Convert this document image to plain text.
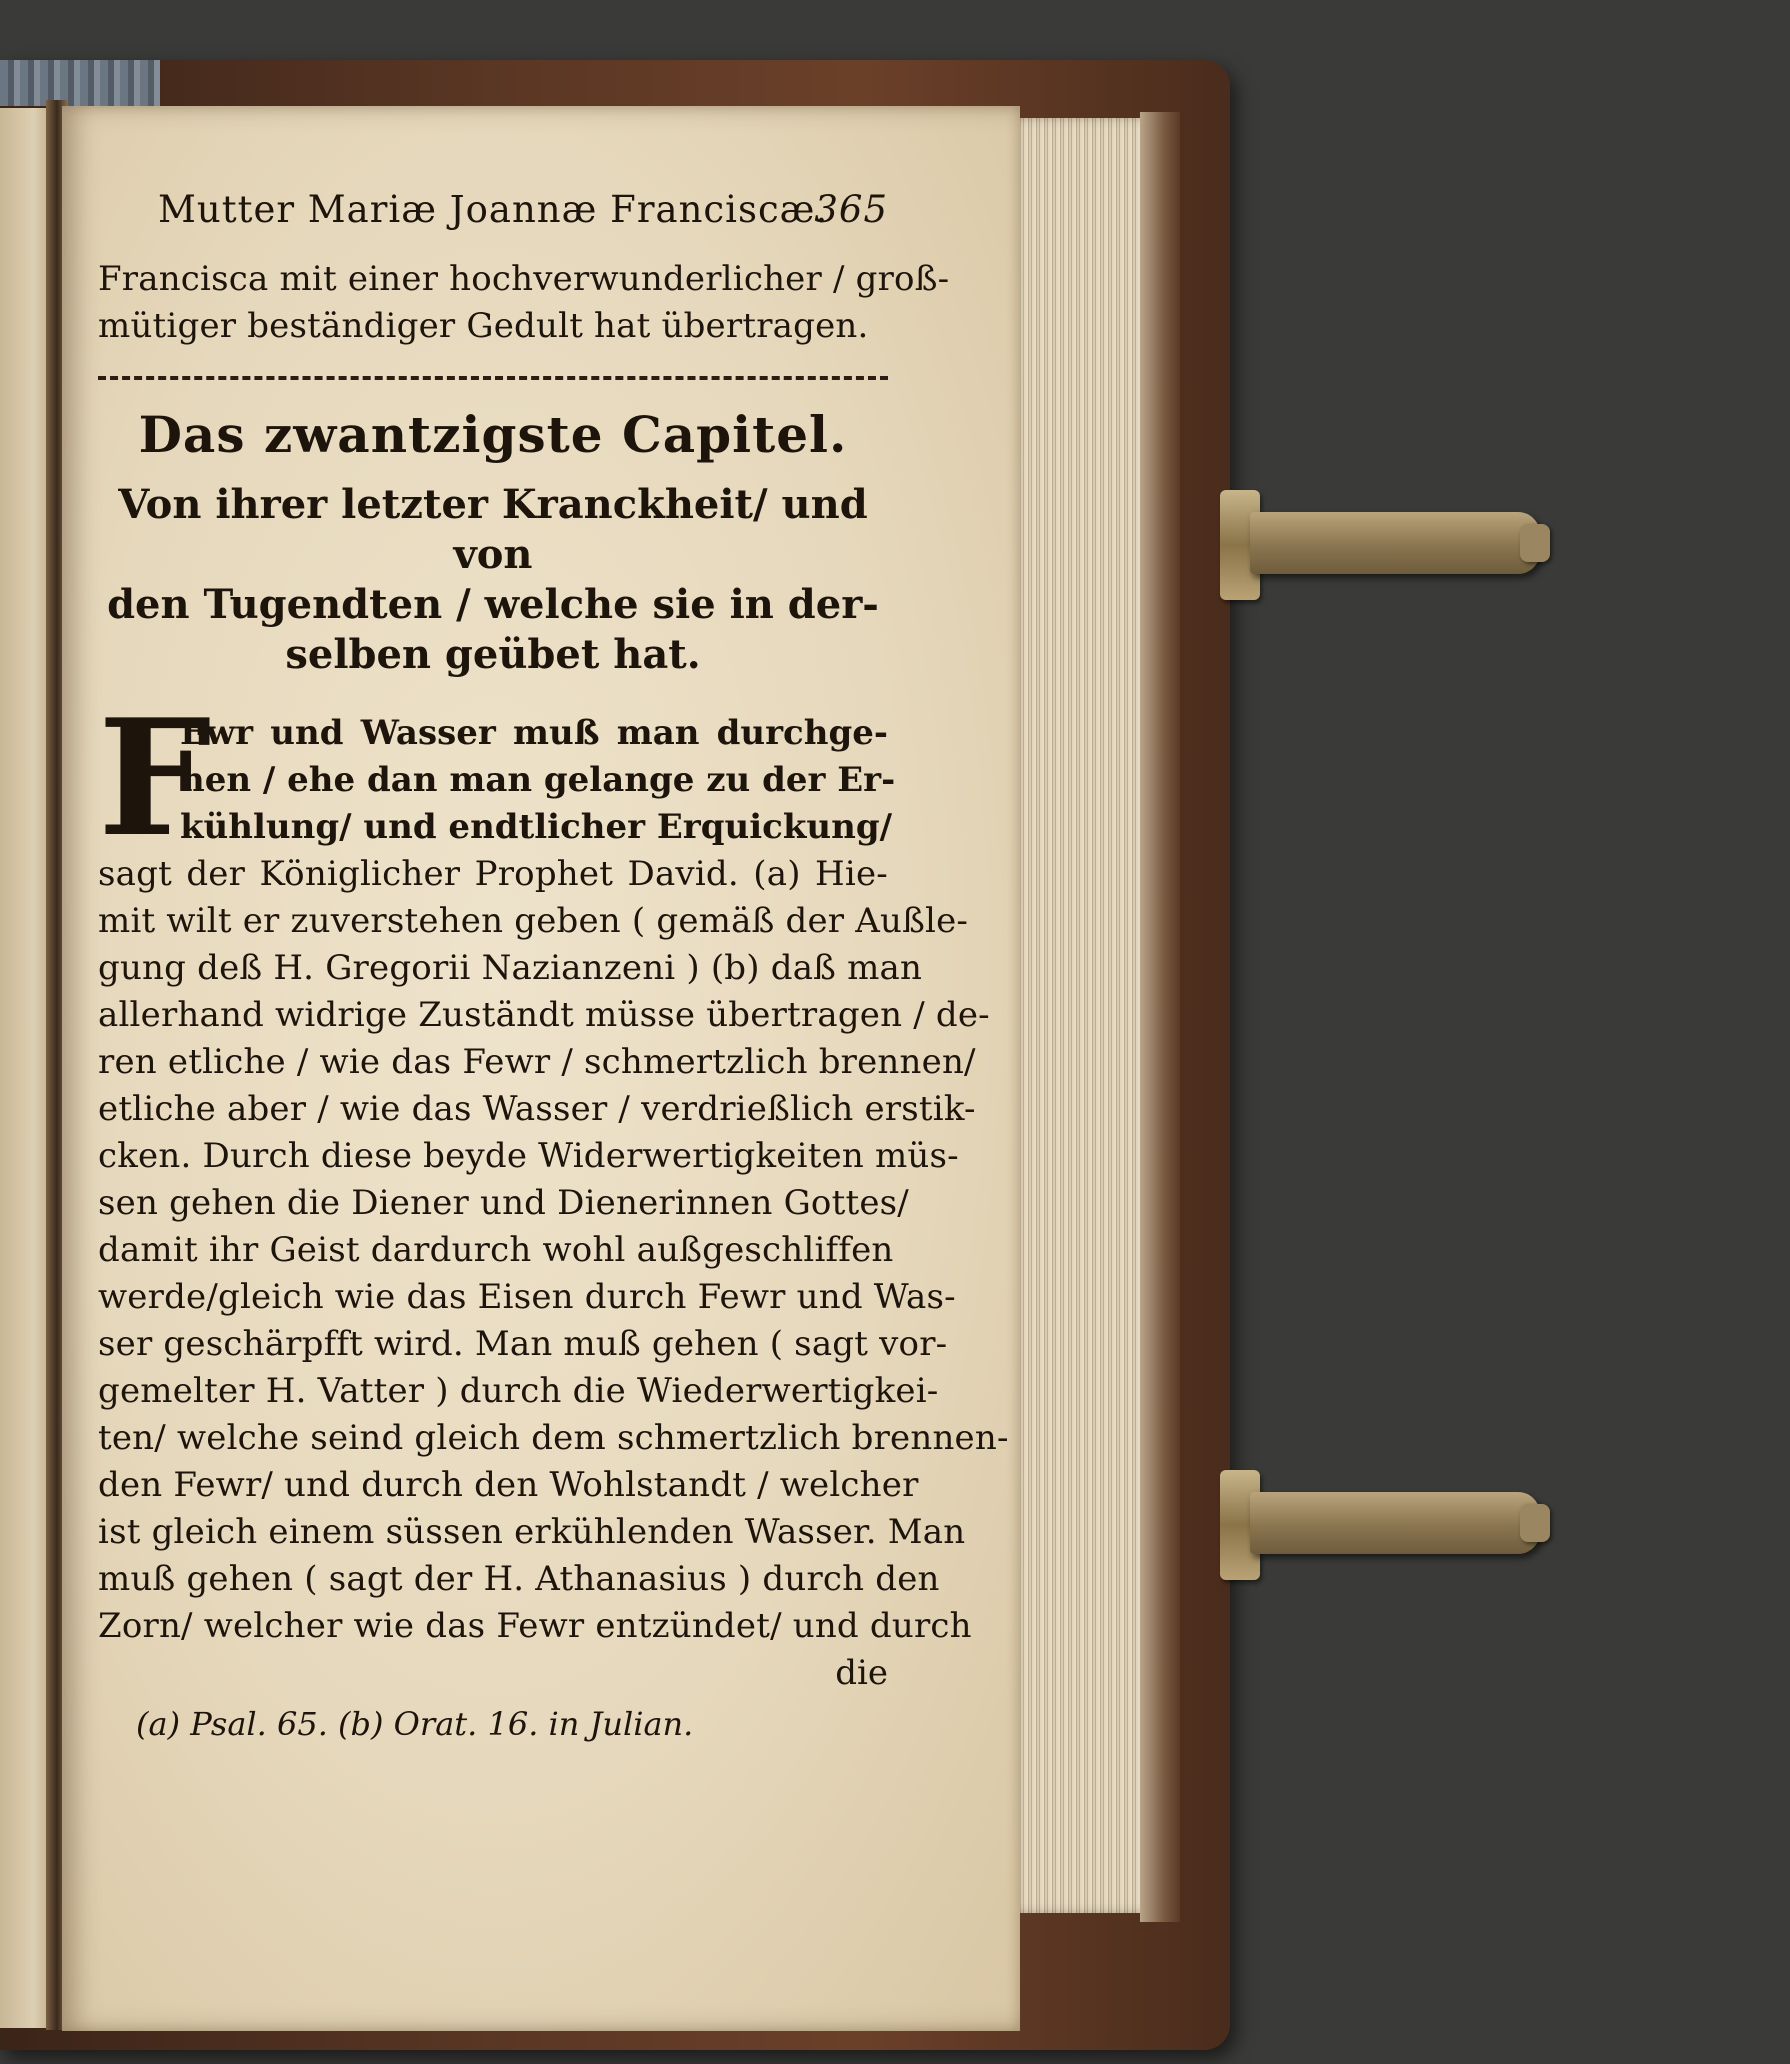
Mutter Mariæ Joannæ Franciscæ.
365
Francisca mit einer hochverwunderlicher / groß-
mütiger beständiger Gedult hat übertragen.
Das zwantzigste Capitel.
Von ihrer letzter Kranckheit/ und von
den Tugendten / welche sie in der-
selben geübet hat.
F
Ewr und Wasser muß man durchge-
hen / ehe dan man gelange zu der Er-
kühlung/ und endtlicher Erquickung/
sagt der Königlicher Prophet David. (a) Hie-
mit wilt er zuverstehen geben ( gemäß der Außle-
gung deß H. Gregorii Nazianzeni ) (b) daß man
allerhand widrige Zuständt müsse übertragen / de-
ren etliche / wie das Fewr / schmertzlich brennen/
etliche aber / wie das Wasser / verdrießlich erstik-
cken. Durch diese beyde Widerwertigkeiten müs-
sen gehen die Diener und Dienerinnen Gottes/
damit ihr Geist dardurch wohl außgeschliffen
werde/gleich wie das Eisen durch Fewr und Was-
ser geschärpfft wird. Man muß gehen ( sagt vor-
gemelter H. Vatter ) durch die Wiederwertigkei-
ten/ welche seind gleich dem schmertzlich brennen-
den Fewr/ und durch den Wohlstandt / welcher
ist gleich einem süssen erkühlenden Wasser. Man
muß gehen ( sagt der H. Athanasius ) durch den
Zorn/ welcher wie das Fewr entzündet/ und durch
die
(a) Psal. 65. (b) Orat. 16. in Julian.
